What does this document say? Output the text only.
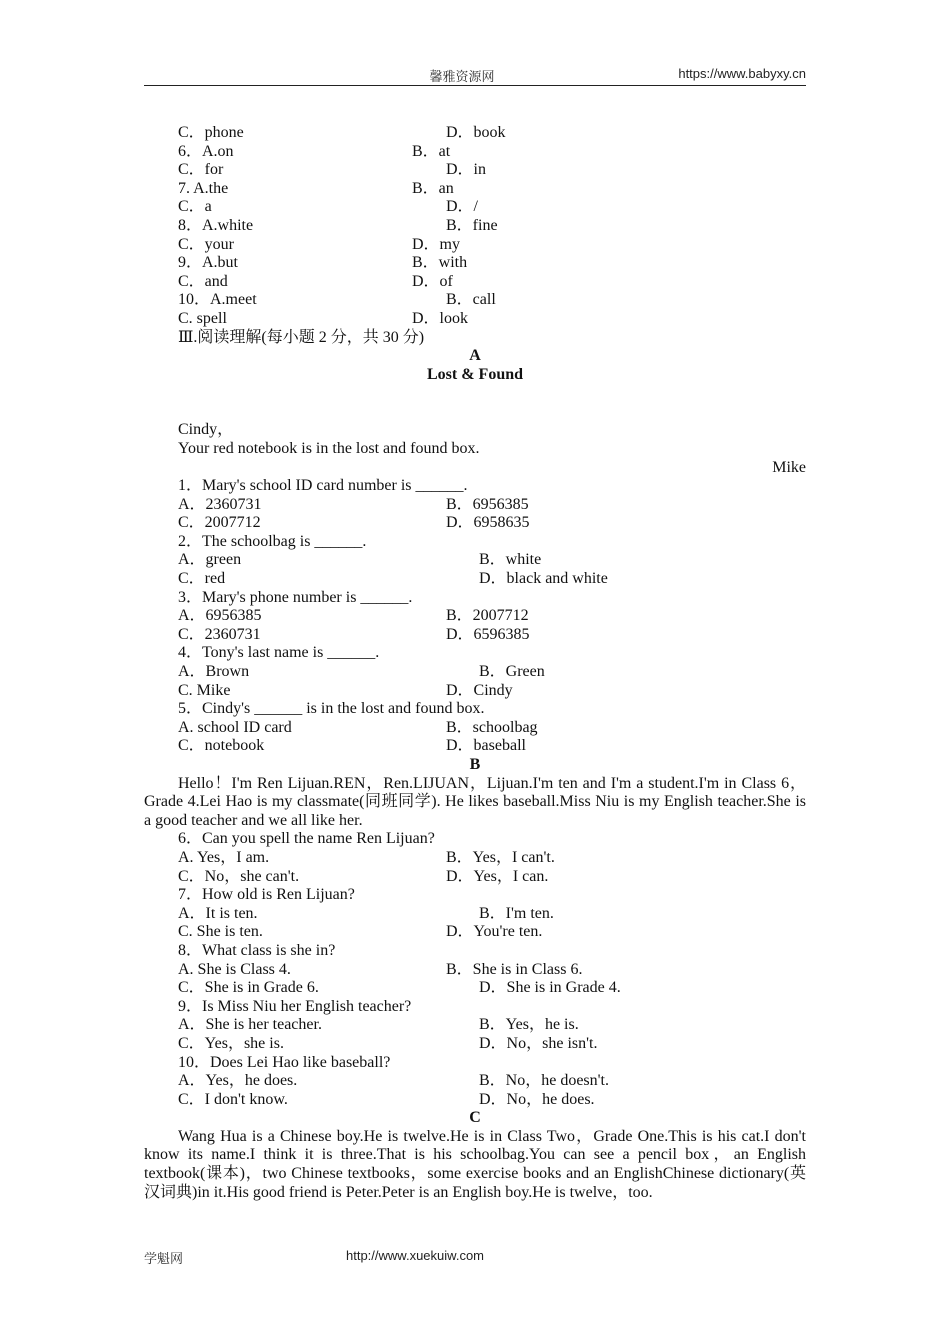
馨雅资源网	https://www.babyxy.cn
C．phone	D．book
6．A.on	B．at
C．for	D．in
7. A.the	B．an
C．a	D．/
8．A.white	B．fine
C．your	D．my
9．A.but	B．with
C．and	D．of
10．A.meet	B．call
C. spell	D．look
Ⅲ.阅读理解(每小题 2 分，共 30 分)
A
Lost & Found
Cindy，
Your red notebook is in the lost and found box.
Mike
1．Mary's school ID card number is ______.
A．2360731	B．6956385
C．2007712	D．6958635
2．The schoolbag is ______.
A．green	B．white
C．red	D．black and white
3．Mary's phone number is ______.
A．6956385	B．2007712
C．2360731	D．6596385
4．Tony's last name is ______.
A．Brown	B．Green
C. Mike	D．Cindy
5．Cindy's ______ is in the lost and found box.
A. school ID card	B．schoolbag
C．notebook	D．baseball
B
Hello！I'm Ren Lijuan.REN，Ren.LIJUAN，Lijuan.I'm ten and I'm a student.I'm in Class 6，Grade 4.Lei Hao is my classmate(同班同学). He likes baseball.Miss Niu is my English teacher.She is a good teacher and we all like her.
6．Can you spell the name Ren Lijuan?
A. Yes，I am.	B．Yes，I can't.
C．No，she can't.	D．Yes，I can.
7．How old is Ren Lijuan?
A．It is ten.	B．I'm ten.
C. She is ten.	D．You're ten.
8．What class is she in?
A. She is Class 4.	B．She is in Class 6.
C．She is in Grade 6.	D．She is in Grade 4.
9．Is Miss Niu her English teacher?
A．She is her teacher.	B．Yes，he is.
C．Yes，she is.	D．No，she isn't.
10．Does Lei Hao like baseball?
A．Yes，he does.	B．No，he doesn't.
C．I don't know.	D．No，he does.
C
Wang Hua is a Chinese boy.He is twelve.He is in Class Two，Grade One.This is his cat.I don't know its name.I think it is three.That is his schoolbag.You can see a pencil box，an English textbook(课本)，two Chinese textbooks，some exercise books and an EnglishChinese dictionary(英汉词典)in it.His good friend is Peter.Peter is an English boy.He is twelve，too.
学魁网	http://www.xuekuiw.com
